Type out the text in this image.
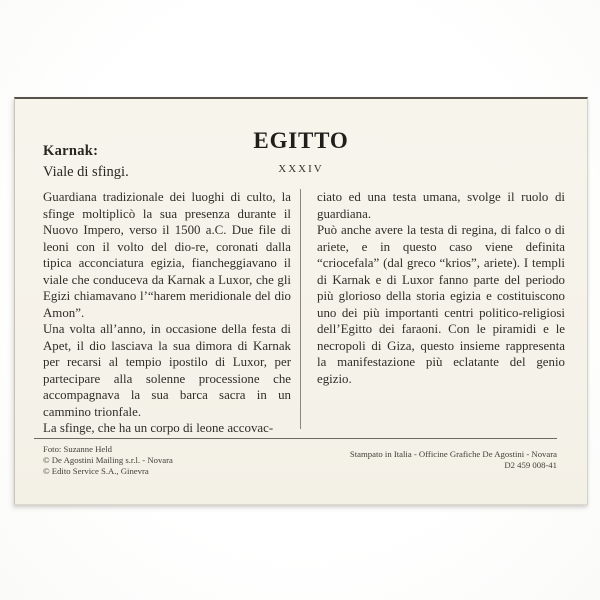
Karnak:
Viale di sfingi.
EGITTO
XXXIV

Guardiana tradizionale dei luoghi di culto, la sfinge moltiplicò la sua presenza durante il Nuovo Impero, verso il 1500 a.C. Due file di leoni con il volto del dio-re, coronati dalla tipica acconciatura egizia, fiancheggiavano il viale che conduceva da Karnak a Luxor, che gli Egizi chiamavano l’“harem meridionale del dio Amon”.

Una volta all’anno, in occasione della festa di Apet, il dio lasciava la sua dimora di Karnak per recarsi al tempio ipostilo di Luxor, per partecipare alla solenne processione che accompagnava la sua barca sacra in un cammino trionfale.

La sfinge, che ha un corpo di leone accovac-

ciato ed una testa umana, svolge il ruolo di guardiana.

Può anche avere la testa di regina, di falco o di ariete, e in questo caso viene definita “criocefala” (dal greco “krios”, ariete). I templi di Karnak e di Luxor fanno parte del periodo più glorioso della storia egizia e costituiscono uno dei più importanti centri politico-religiosi dell’Egitto dei faraoni. Con le piramidi e le necropoli di Giza, questo insieme rappresenta la manifestazione più eclatante del genio egizio.

Foto: Suzanne Held
© De Agostini Mailing s.r.l. - Novara
© Edito Service S.A., Ginevra
Stampato in Italia - Officine Grafiche De Agostini - Novara
D2 459 008-41
